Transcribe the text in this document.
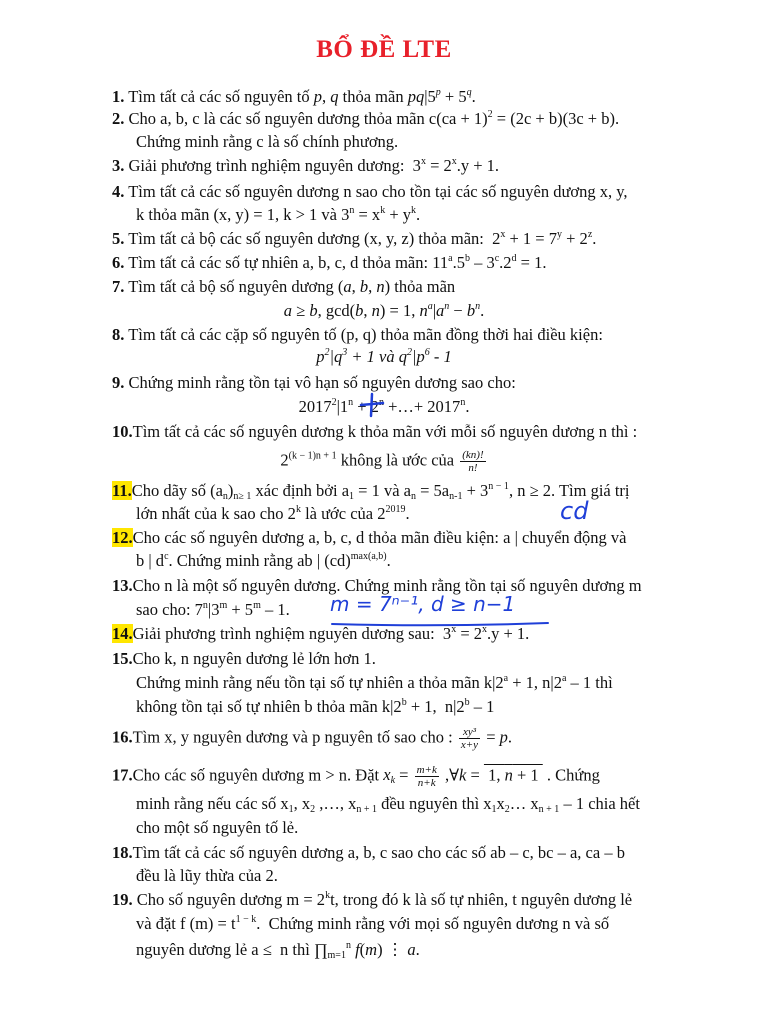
BỔ ĐỀ LTE
1. Tìm tất cả các số nguyên tố p, q thỏa mãn $pq|5^p + 5^q$.
2. Cho a, b, c là các số nguyên dương thỏa mãn c(ca + 1)$^2$ = (2c + b)(3c + b).
Chứng minh rằng c là số chính phương.
3. Giải phương trình nghiệm nguyên dương:  $3^x = 2^x.y + 1$.
4. Tìm tất cả các số nguyên dương n sao cho tồn tại các số nguyên dương x, y,
k thỏa mãn (x, y) = 1, k > 1 và $3^n = x^k + y^k$.
5. Tìm tất cả bộ các số nguyên dương (x, y, z) thỏa mãn:  $2^x + 1 = 7^y + 2^z$.
6. Tìm tất cả các số tự nhiên a, b, c, d thỏa mãn: $11^a.5^b - 3^c.2^d = 1$.
7. Tìm tất cả bộ số nguyên dương (a, b, n) thỏa mãn
a ≥ b, gcd(b, n) = 1, $n^a|a^n - b^n$.
8. Tìm tất cả các cặp số nguyên tố (p, q) thỏa mãn đồng thời hai điều kiện:
$p^2|q^3 + 1$ và $q^2|p^6 - 1$
9. Chứng minh rằng tồn tại vô hạn số nguyên dương sao cho:
$2017^2|1^n + 2^n$ +…+ $2017^n$.
10.Tìm tất cả các số nguyên dương k thỏa mãn với mỗi số nguyên dương n thì :
$2^{(k - 1)n + 1}$ không là ước của $\frac{(kn)!}{n!}$
11.Cho dãy số $(a_n)_{n\ge 1}$ xác định bởi $a_1 = 1$ và $a_n = 5a_{n-1} + 3^{n - 1}$, n ≥ 2. Tìm giá trị
lớn nhất của k sao cho 2$^k$ là ước của $2^{2019}$.
12.Cho các số nguyên dương a, b, c, d thỏa mãn điều kiện: a | chuyển động và
b | $d^c$. Chứng minh rằng ab | (cd)$^{max(a,b)}$.
13.Cho n là một số nguyên dương. Chứng minh rằng tồn tại số nguyên dương m
sao cho: $7^n|3^m + 5^m - 1$.
14.Giải phương trình nghiệm nguyên dương sau:  $3^x = 2^x.y + 1$.
15.Cho k, n nguyên dương lẻ lớn hơn 1.
Chứng minh rằng nếu tồn tại số tự nhiên a thỏa mãn $k|2^a + 1$, n|2$^a$ – 1 thì
không tồn tại số tự nhiên b thỏa mãn $k|2^b + 1$,  n|2$^b$ – 1
16.Tìm x, y nguyên dương và p nguyên tố sao cho : $\frac{\text{xy³}}{x+y} = p$.
17.Cho các số nguyên dương m > n. Đặt $x_k = \frac{m+k}{n+k}$ ,∀k =  1, n + 1  . Chứng
minh rằng nếu các số $x_1$, $x_2$ ,…, $x_{n + 1}$ đều nguyên thì $x_1x_2\dots$ $x_{n + 1} - 1$ chia hết
cho một số nguyên tố lẻ.
18.Tìm tất cả các số nguyên dương a, b, c sao cho các số ab – c, bc – a, ca – b
đều là lũy thừa của 2.
19. Cho số nguyên dương $m = 2^kt$, trong đó k là số tự nhiên, t nguyên dương lẻ
và đặt f $(m) = t^{1 - k}$.  Chứng minh rằng với mọi số nguyên dương n và số
nguyên dương lẻ a ≤  n thì $\prod_{m=1}^n$ f(m) ⋮ a.
cd
m = 7ⁿ⁻¹, d ≥ n−1
